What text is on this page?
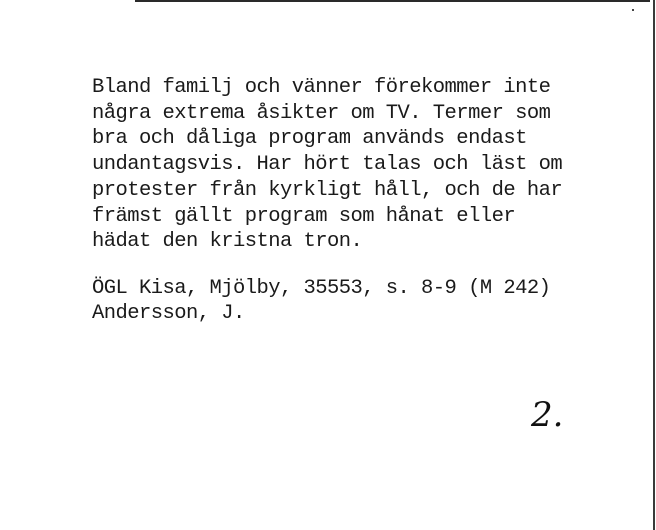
Bland familj och vänner förekommer inte
några extrema åsikter om TV. Termer som
bra och dåliga program används endast
undantagsvis. Har hört talas och läst om
protester från kyrkligt håll, och de har
främst gällt program som hånat eller
hädat den kristna tron.

ÖGL Kisa, Mjölby, 35553, s. 8-9 (M 242)
Andersson, J.

2.
